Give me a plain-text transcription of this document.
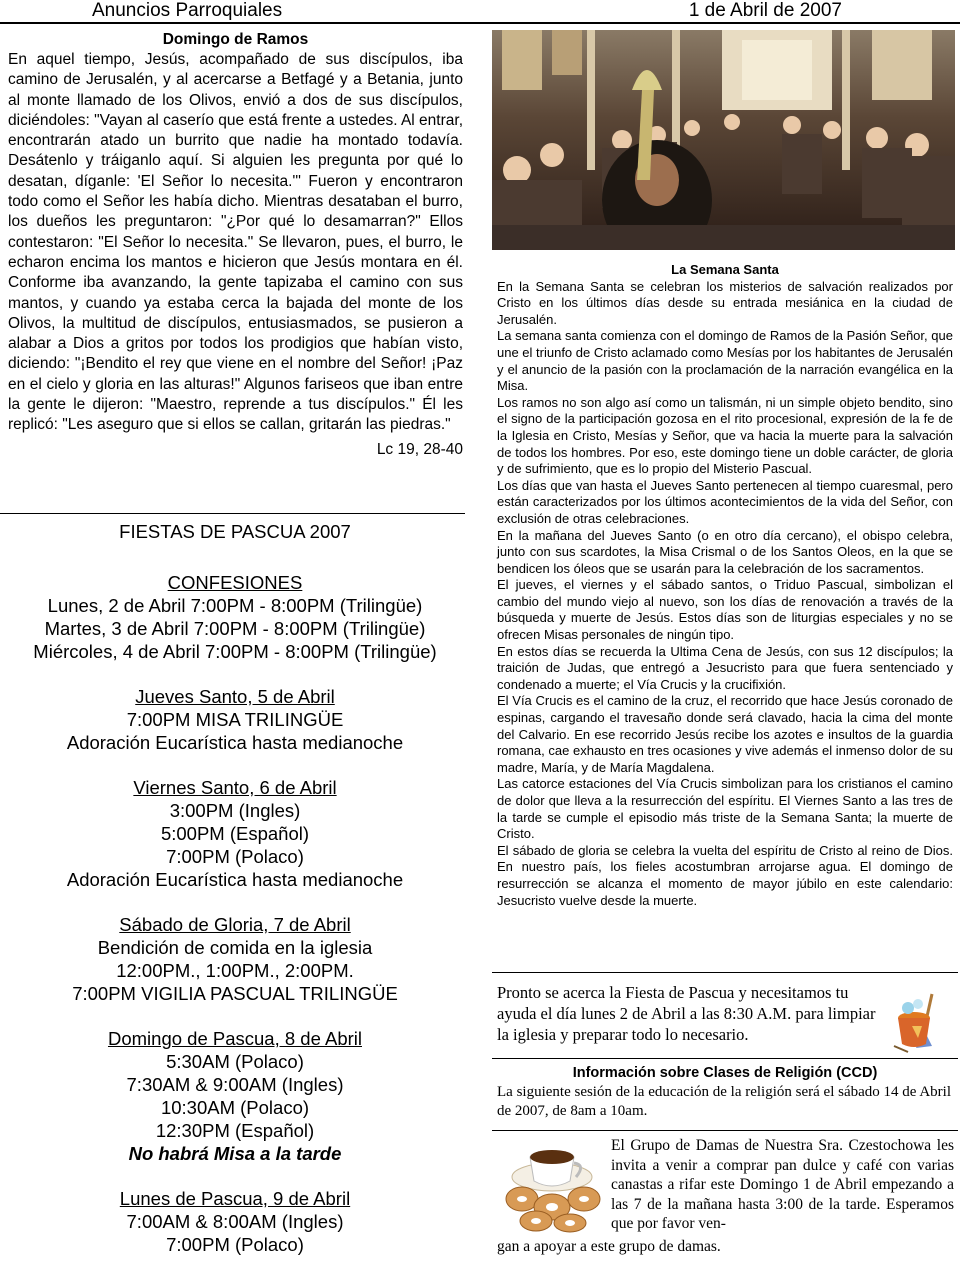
Anuncios Parroquiales	1 de Abril de 2007
Domingo de Ramos

En aquel tiempo, Jesús, acompañado de sus discípulos, iba camino de Jerusalén, y al acercarse a Betfagé y a Betania, junto al monte llamado de los Olivos, envió a dos de sus discípulos, diciéndoles: "Vayan al caserío que está frente a ustedes. Al entrar, encontrarán atado un burrito que nadie ha montado todavía. Desátenlo y tráiganlo aquí. Si alguien les pregunta por qué lo desatan, díganle: 'El Señor lo necesita.'" Fueron y encontraron todo como el Señor les había dicho. Mientras desataban el burro, los dueños les preguntaron: "¿Por qué lo desamarran?" Ellos contestaron: "El Señor lo necesita." Se llevaron, pues, el burro, le echaron encima los mantos e hicieron que Jesús montara en él. Conforme iba avanzando, la gente tapizaba el camino con sus mantos, y cuando ya estaba cerca la bajada del monte de los Olivos, la multitud de discípulos, entusiasmados, se pusieron a alabar a Dios a gritos por todos los prodigios que habían visto, diciendo: "¡Bendito el rey que viene en el nombre del Señor! ¡Paz en el cielo y gloria en las alturas!" Algunos fariseos que iban entre la gente le dijeron: "Maestro, reprende a tus discípulos." Él les replicó: "Les aseguro que si ellos se callan, gritarán las piedras."

Lc 19, 28-40
FIESTAS DE PASCUA 2007
CONFESIONES
Lunes, 2 de Abril 7:00PM - 8:00PM (Trilingüe)
Martes, 3 de Abril 7:00PM - 8:00PM (Trilingüe)
Miércoles, 4 de Abril 7:00PM - 8:00PM (Trilingüe)
Jueves Santo, 5 de Abril
7:00PM MISA TRILINGÜE
Adoración Eucarística hasta medianoche
Viernes Santo, 6 de Abril
3:00PM (Ingles)
5:00PM (Español)
7:00PM (Polaco)
Adoración Eucarística hasta medianoche
Sábado de Gloria, 7 de Abril
Bendición de comida en la iglesia
12:00PM., 1:00PM., 2:00PM.
7:00PM VIGILIA PASCUAL TRILINGÜE
Domingo de Pascua, 8 de Abril
5:30AM (Polaco)
7:30AM & 9:00AM (Ingles)
10:30AM (Polaco)
12:30PM (Español)
No habrá Misa a la tarde
Lunes de Pascua, 9 de Abril
7:00AM & 8:00AM (Ingles)
7:00PM (Polaco)
La Semana Santa
En la Semana Santa se celebran los misterios de salvación realizados por Cristo en los últimos días desde su entrada mesiánica en la ciudad de Jerusalén.
La semana santa comienza con el domingo de Ramos de la Pasión Señor, que une el triunfo de Cristo aclamado como Mesías por los habitantes de Jerusalén y el anuncio de la pasión con la proclamación de la narración evangélica en la Misa.
Los ramos no son algo así como un talismán, ni un simple objeto bendito, sino el signo de la participación gozosa en el rito procesional, expresión de la fe de la Iglesia en Cristo, Mesías y Señor, que va hacia la muerte para la salvación de todos los hombres. Por eso, este domingo tiene un doble carácter, de gloria y de sufrimiento, que es lo propio del Misterio Pascual.
Los días que van hasta el Jueves Santo pertenecen al tiempo cuaresmal, pero están caracterizados por los últimos acontecimientos de la vida del Señor, con exclusión de otras celebraciones.
En la mañana del Jueves Santo (o en otro día cercano), el obispo celebra, junto con sus scardotes, la Misa Crismal o de los Santos Oleos, en la que se bendicen los óleos que se usarán para la celebración de los sacramentos.
El jueves, el viernes y el sábado santos, o Triduo Pascual, simbolizan el cambio del mundo viejo al nuevo, son los días de renovación a través de la búsqueda y muerte de Jesús. Estos días son de liturgias especiales y no se ofrecen Misas personales de ningún tipo.
En estos días se recuerda la Ultima Cena de Jesús, con sus 12 discípulos; la traición de Judas, que entregó a Jesucristo para que fuera sentenciado y condenado a muerte; el Vía Crucis y la crucifixión.
El Vía Crucis es el camino de la cruz, el recorrido que hace Jesús coronado de espinas, cargando el travesaño donde será clavado, hacia la cima del monte del Calvario. En ese recorrido Jesús recibe los azotes e insultos de la guardia romana, cae exhausto en tres ocasiones y vive además el inmenso dolor de su madre, María, y de María Magdalena.
Las catorce estaciones del Vía Crucis simbolizan para los cristianos el camino de dolor que lleva a la resurrección del espíritu. El Viernes Santo a las tres de la tarde se cumple el episodio más triste de la Semana Santa; la muerte de Cristo.
El sábado de gloria se celebra la vuelta del espíritu de Cristo al reino de Dios. En nuestro país, los fieles acostumbran arrojarse agua. El domingo de resurrección se alcanza el momento de mayor júbilo en este calendario: Jesucristo vuelve desde la muerte.
Pronto se acerca la Fiesta de Pascua y necesitamos tu ayuda el día lunes 2 de Abril a las 8:30 A.M. para limpiar la iglesia y preparar todo lo necesario.
Información sobre Clases de Religión (CCD)
La siguiente sesión de la educación de la religión será el sábado 14 de Abril de 2007, de 8am a 10am.
El Grupo de Damas de Nuestra Sra. Czestochowa les invita a venir a comprar pan dulce y café con varias canastas a rifar este Domingo 1 de Abril empezando a las 7 de la mañana hasta 3:00 de la tarde. Esperamos que por favor ven-
gan a apoyar a este grupo de damas.
